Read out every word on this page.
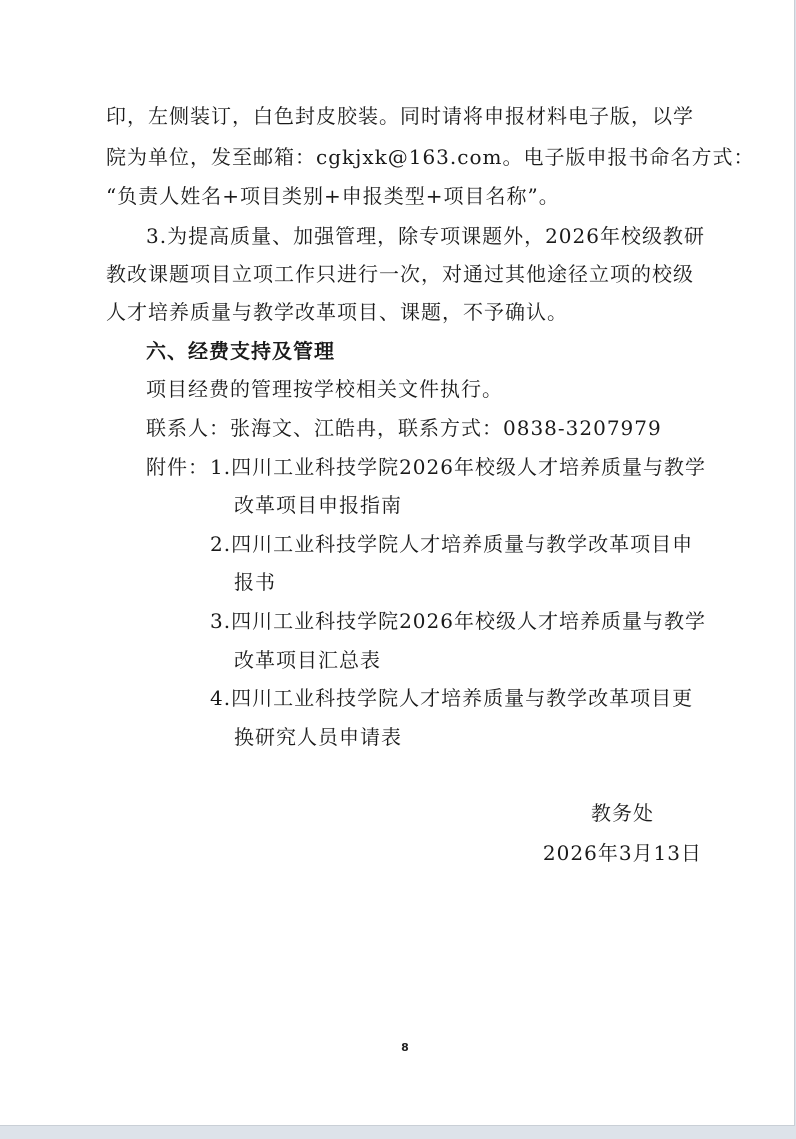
印，左侧装订，白色封皮胶装。同时请将申报材料电子版，以学
院为单位，发至邮箱：cgkjxk@163.com。电子版申报书命名方式：
“负责人姓名+项目类别+申报类型+项目名称”。
3.为提高质量、加强管理，除专项课题外，2026年校级教研
教改课题项目立项工作只进行一次，对通过其他途径立项的校级
人才培养质量与教学改革项目、课题，不予确认。
六、经费支持及管理
项目经费的管理按学校相关文件执行。
联系人：张海文、江皓冉，联系方式：0838-3207979
附件： 1.四川工业科技学院2026年校级人才培养质量与教学
改革项目申报指南
2.四川工业科技学院人才培养质量与教学改革项目申
报书
3.四川工业科技学院2026年校级人才培养质量与教学
改革项目汇总表
4.四川工业科技学院人才培养质量与教学改革项目更
换研究人员申请表
教务处
2026年3月13日
8
